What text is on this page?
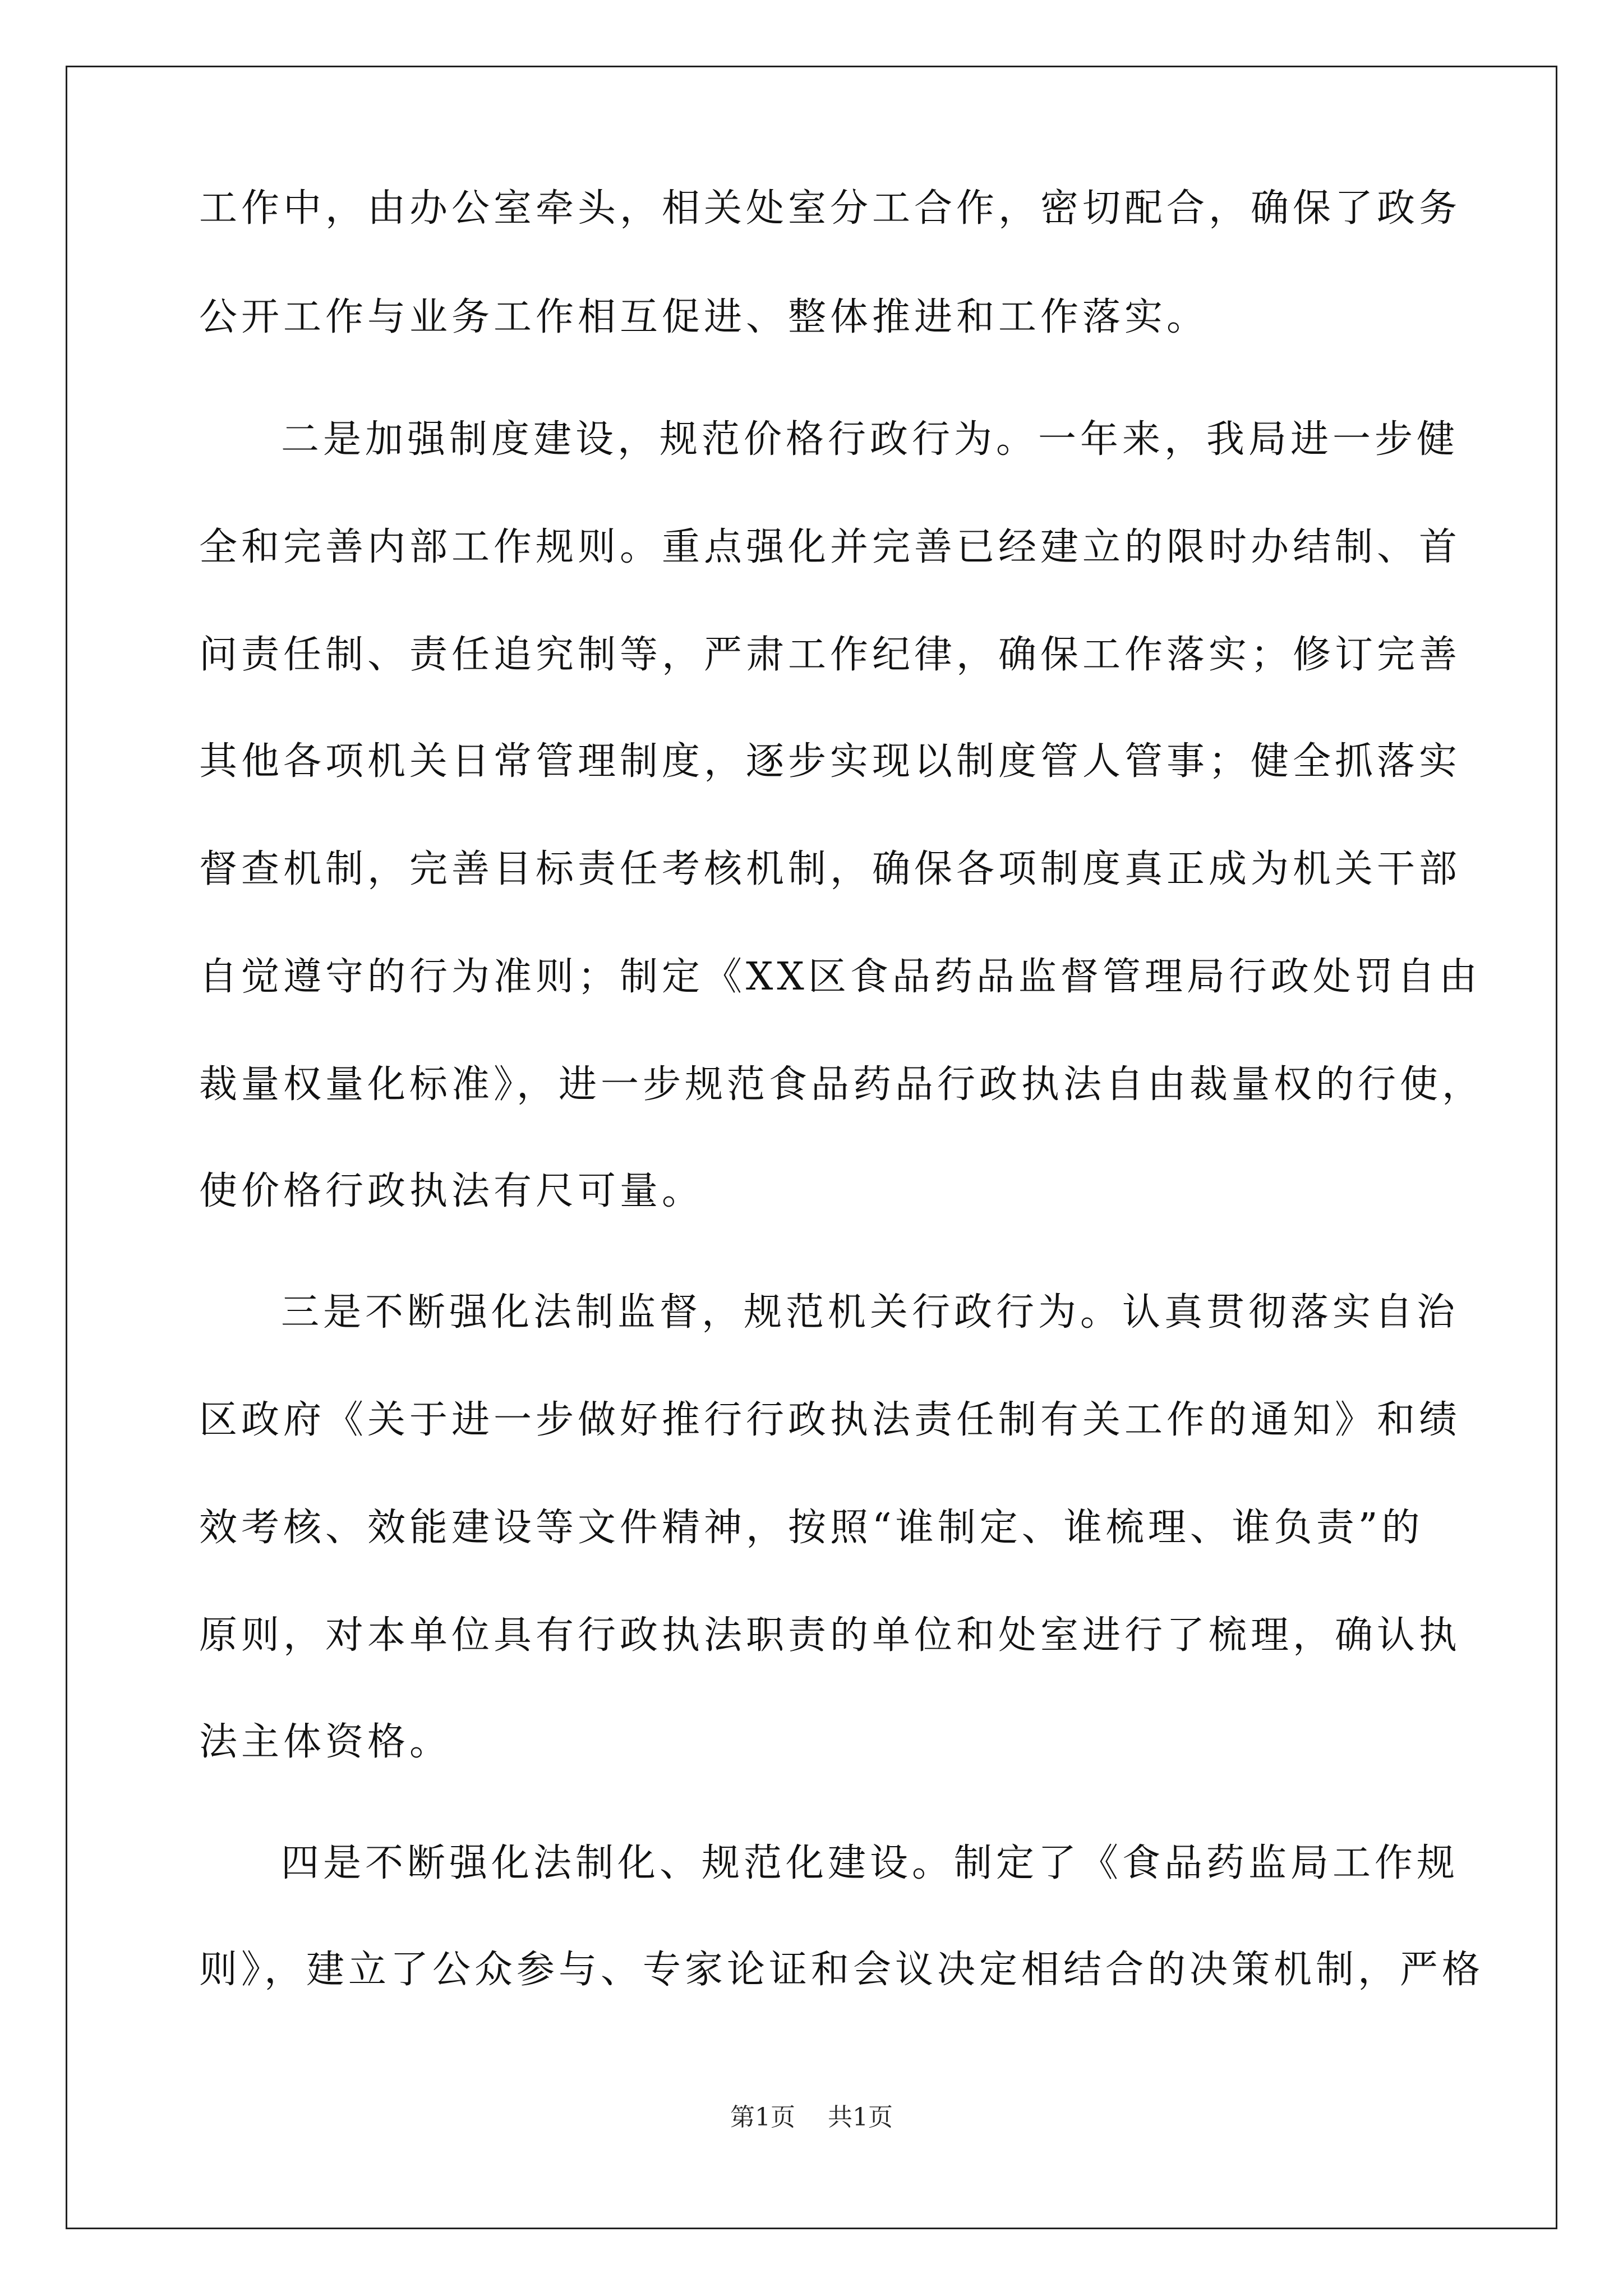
工作中，由办公室牵头，相关处室分工合作，密切配合，确保了政务
公开工作与业务工作相互促进、整体推进和工作落实。
二是加强制度建设，规范价格行政行为。一年来，我局进一步健
全和完善内部工作规则。重点强化并完善已经建立的限时办结制、首
问责任制、责任追究制等，严肃工作纪律，确保工作落实；修订完善
其他各项机关日常管理制度，逐步实现以制度管人管事；健全抓落实
督查机制，完善目标责任考核机制，确保各项制度真正成为机关干部
自觉遵守的行为准则；制定《XX区食品药品监督管理局行政处罚自由
裁量权量化标准》，进一步规范食品药品行政执法自由裁量权的行使，
使价格行政执法有尺可量。
三是不断强化法制监督，规范机关行政行为。认真贯彻落实自治
区政府《关于进一步做好推行行政执法责任制有关工作的通知》和绩
效考核、效能建设等文件精神，按照“谁制定、谁梳理、谁负责”的
原则，对本单位具有行政执法职责的单位和处室进行了梳理，确认执
法主体资格。
四是不断强化法制化、规范化建设。制定了《食品药监局工作规
则》，建立了公众参与、专家论证和会议决定相结合的决策机制，严格
第1页 共1页
